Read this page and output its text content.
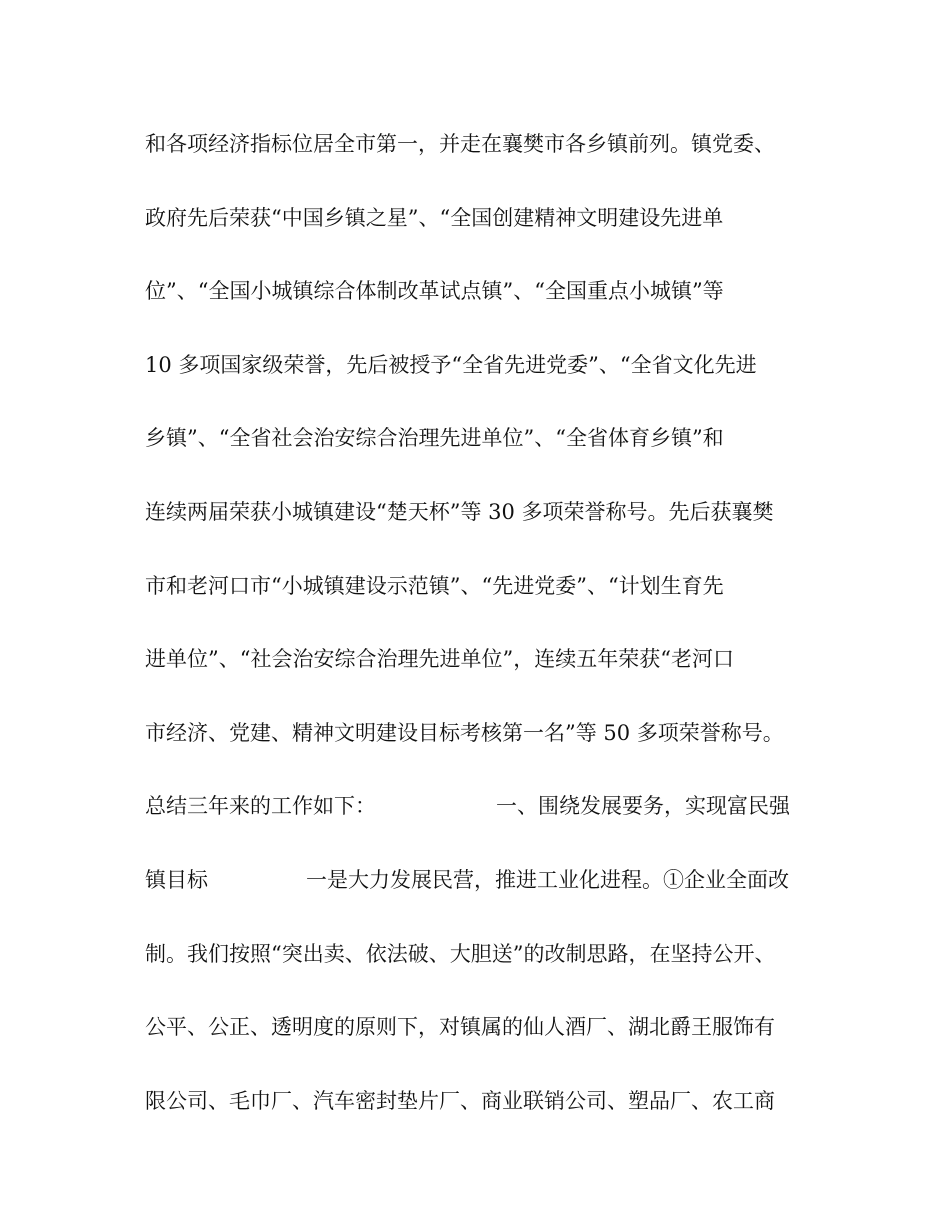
和各项经济指标位居全市第一，并走在襄樊市各乡镇前列。镇党委、
政府先后荣获“中国乡镇之星”、“全国创建精神文明建设先进单
位”、“全国小城镇综合体制改革试点镇”、“全国重点小城镇”等
10 多项国家级荣誉，先后被授予“全省先进党委”、“全省文化先进
乡镇”、“全省社会治安综合治理先进单位”、“全省体育乡镇”和
连续两届荣获小城镇建设“楚天杯”等 30 多项荣誉称号。先后获襄樊
市和老河口市“小城镇建设示范镇”、“先进党委”、“计划生育先
进单位”、“社会治安综合治理先进单位”，连续五年荣获“老河口
市经济、党建、精神文明建设目标考核第一名”等 50 多项荣誉称号。
总结三年来的工作如下：	一、围绕发展要务，实现富民强
镇目标	一是大力发展民营，推进工业化进程。①企业全面改
制。我们按照“突出卖、依法破、大胆送”的改制思路，在坚持公开、
公平、公正、透明度的原则下，对镇属的仙人酒厂、湖北爵王服饰有
限公司、毛巾厂、汽车密封垫片厂、商业联销公司、塑品厂、农工商
